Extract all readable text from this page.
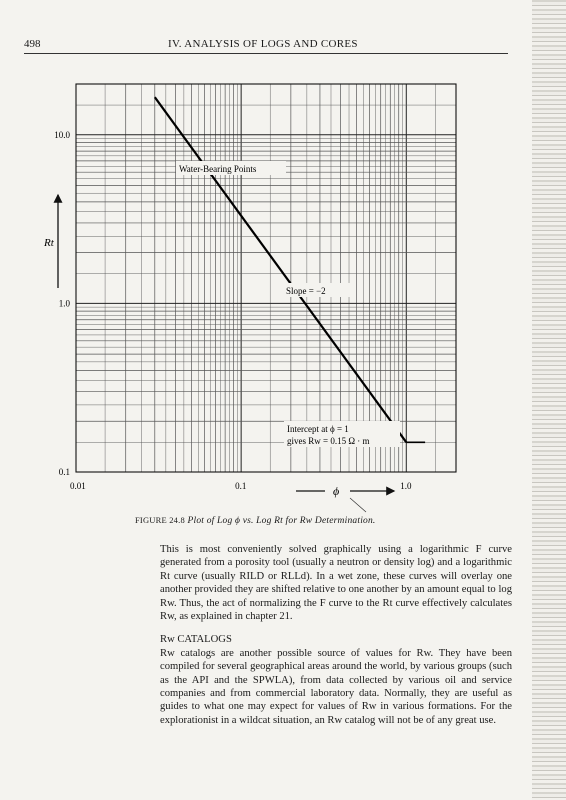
498	IV. ANALYSIS OF LOGS AND CORES
0.01	0.1	1.0
0.1
1.0
10.0
Rt
ϕ
Water-Bearing Points
Slope = −2
Intercept at ϕ = 1
gives Rw = 0.15 Ω · m
FIGURE 24.8 Plot of Log ϕ vs. Log Rt for Rw Determination.

This is most conveniently solved graphically using a logarithmic F curve generated from a porosity tool (usually a neutron or density log) and a logarithmic Rt curve (usually RILD or RLLd). In a wet zone, these curves will overlay one another provided they are shifted relative to one another by an amount equal to log Rw. Thus, the act of normalizing the F curve to the Rt curve effectively calculates Rw, as explained in chapter 21.

Rw CATALOGS

Rw catalogs are another possible source of values for Rw. They have been compiled for several geographical areas around the world, by various groups (such as the API and the SPWLA), from data collected by various oil and service companies and from commercial laboratory data. Normally, they are useful as guides to what one may expect for values of Rw in various formations. For the explorationist in a wildcat situation, an Rw catalog will not be of any great use.
